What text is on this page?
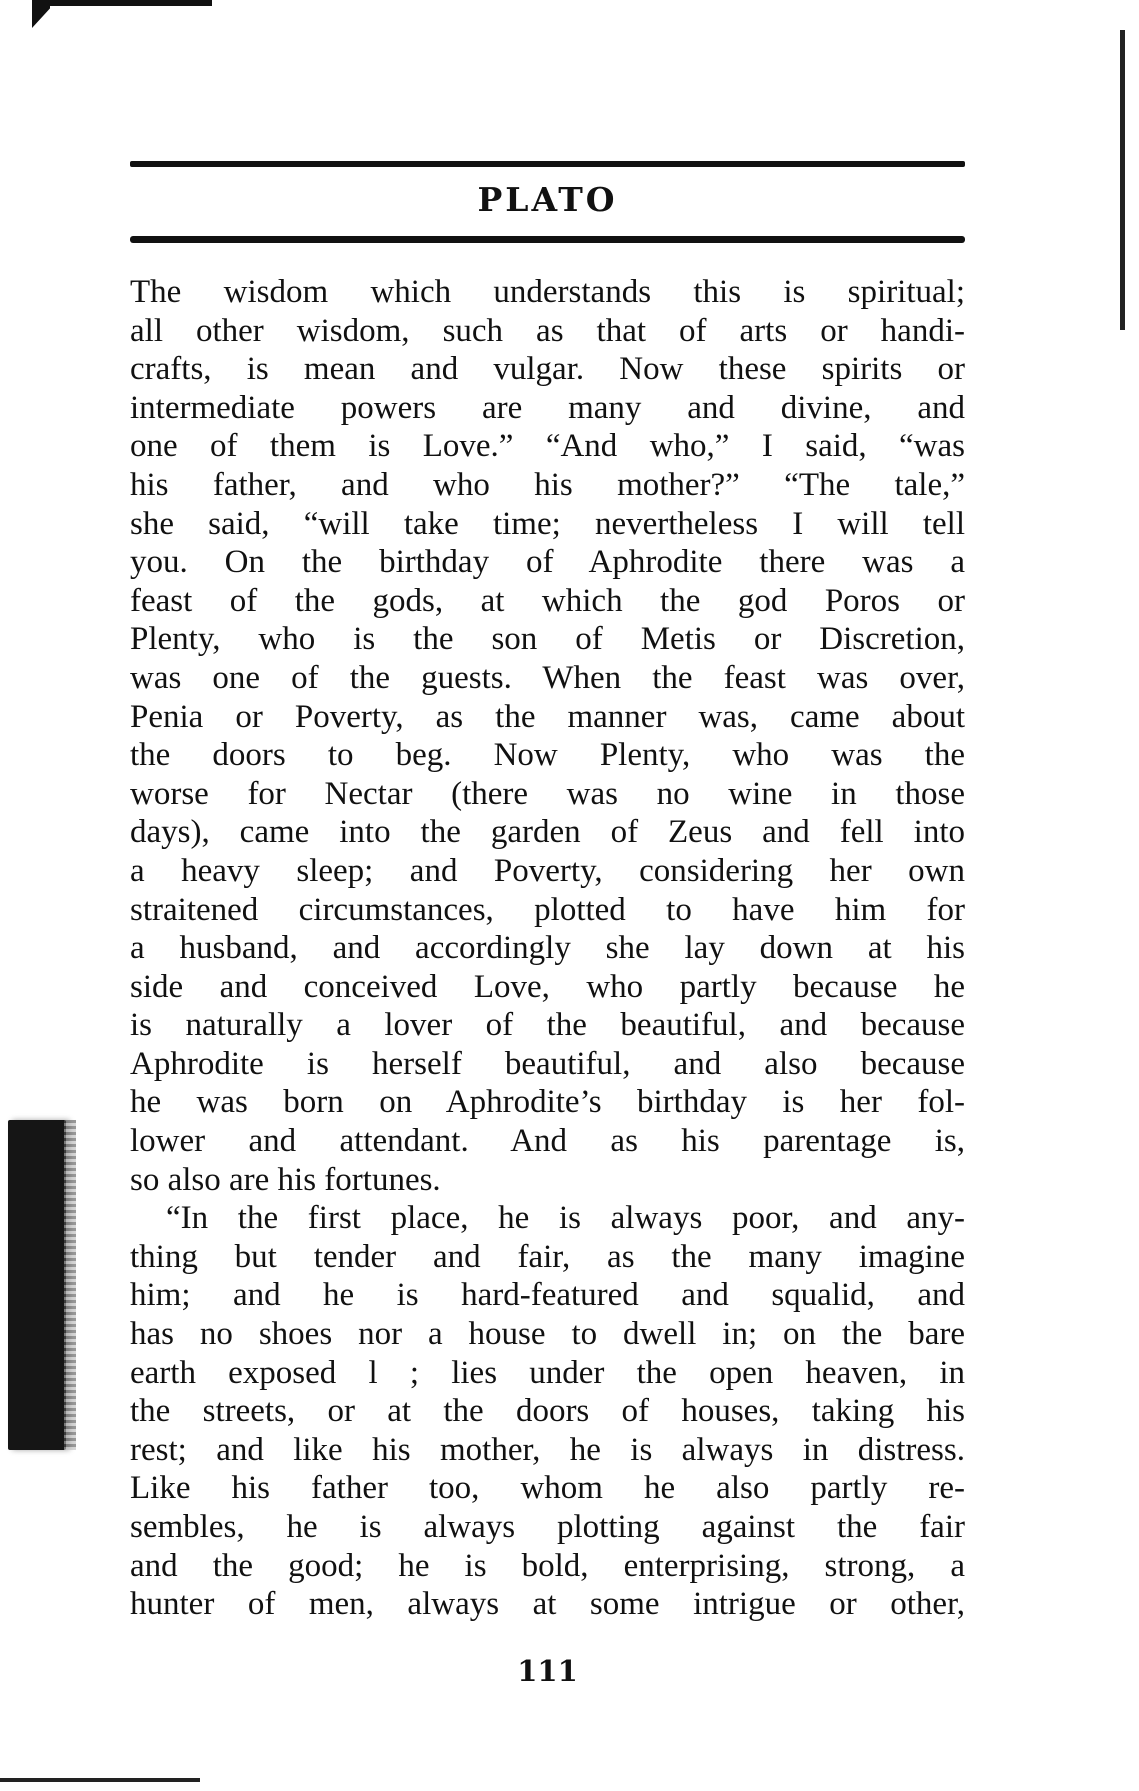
PLATO
The wisdom which understands this is spiritual;
all other wisdom, such as that of arts or handi-
crafts, is mean and vulgar. Now these spirits or
intermediate powers are many and divine, and
one of them is Love.” “And who,” I said, “was
his father, and who his mother?” “The tale,”
she said, “will take time; nevertheless I will tell
you. On the birthday of Aphrodite there was a
feast of the gods, at which the god Poros or
Plenty, who is the son of Metis or Discretion,
was one of the guests. When the feast was over,
Penia or Poverty, as the manner was, came about
the doors to beg. Now Plenty, who was the
worse for Nectar (there was no wine in those
days), came into the garden of Zeus and fell into
a heavy sleep; and Poverty, considering her own
straitened circumstances, plotted to have him for
a husband, and accordingly she lay down at his
side and conceived Love, who partly because he
is naturally a lover of the beautiful, and because
Aphrodite is herself beautiful, and also because
he was born on Aphrodite’s birthday is her fol-
lower and attendant. And as his parentage is,
so also are his fortunes.
“In the first place, he is always poor, and any-
thing but tender and fair, as the many imagine
him; and he is hard-featured and squalid, and
has no shoes nor a house to dwell in; on the bare
earth exposed l ; lies under the open heaven, in
the streets, or at the doors of houses, taking his
rest; and like his mother, he is always in distress.
Like his father too, whom he also partly re-
sembles, he is always plotting against the fair
and the good; he is bold, enterprising, strong, a
hunter of men, always at some intrigue or other,
111
